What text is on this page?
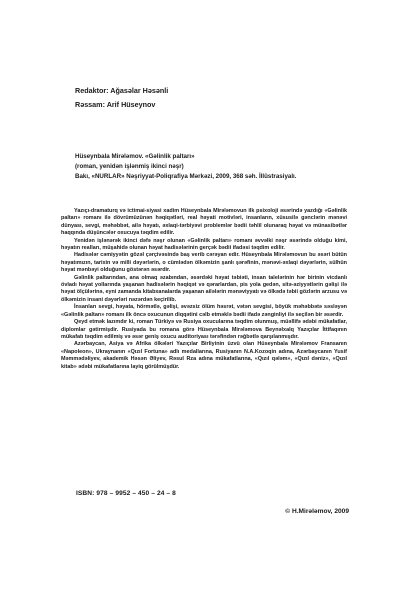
Redaktor: Ağasəlar Həsənli
Rəssam: Arif Hüseynov
Hüseynbala Mirələmov. «Gəlinlik paltarı»
(roman, yenidən işlənmiş ikinci nəşr)
Bakı, «NURLAR» Nəşriyyat-Poliqrafiya Mərkəzi, 2009, 368 səh. İllüstrasiyalı.

Yazıçı-dramaturq və ictimai-siyasi xadim Hüseynbala Mirələmovun ilk psixoloji əsərində yazdığı «Gəlinlik paltarı» romanı ilə dövrümüzünən həqiqətləri, real həyati motivləri, insanların, xüsusilə gənclərin mənəvi dünyası, sevgi, məhəbbət, ailə həyatı, əxlaqi-tərbiyəvi problemlər bədii təhlil olunaraq həyat və münasibətlər haqqında düşüncələr oxucuya təqdim edilir.

Yenidən işlənərək ikinci dəfə nəşr olunan «Gəlinlik paltarı» romanı əvvəlki nəşr əsərində olduğu kimi, həyatın realları, müşahidə olunan həyat hadisələrinin gerçək bədii ifadəsi təqdim edilir.

Hadisələr cəmiyyətin gözəl çərçivəsində baş verib cərəyan edir. Hüseynbala Mirələmovun bu əsəri bütün həyatımızın, tarixin və milli dəyərlərin, o cümlədən ölkəmizin şanlı şərəfinin, mənəvi-əxlaqi dəyərlərin, sülhün həyat mənbəyi olduğunu göstərən əsərdir.

Gəlinlik paltarından, ana olmaq əzabından, əsərdəki həyat təbiəti, insan talelərinin hər birinin vicdanlı övladı həyat yollarında yaşanan hadisələrin həqiqət və qərarlardan, pis yola gedən, sitə-əziyyətlərin gəlişi ilə həyat ölçülərinə, eyni zamanda kitabxanalarda yaşanan ailələrin mənəviyyatı və ölkədə təbii gözlərin arzusu və ölkəmizin insani dəyərləri nəzərdən keçirilib.

İnsanları sevgi, həyata, hörmətlə, gəlişi, əvəzsiz ölüm həsrət, vətən sevgisi, böyük məhəbbətə səsləyən «Gəlinlik paltarı» romanı ilk öncə oxucunun diqqətini cəlb etməklə bədii ifadə zənginliyi ilə seçilən bir əsərdir.

Qeyd etmək lazımdır ki, roman Türkiyə və Rusiya oxucularına təqdim olunmuş, müəllifə ədəbi mükafatlar, diplomlar gətirmişdir. Rusiyada bu romana görə Hüseynbala Mirələmova Beynəlxalq Yazıçılar İttifaqının mükafatı təqdim edilmiş və əsər geniş oxucu auditoriyası tərəfindən rəğbətlə qarşılanmışdır.

Azərbaycan, Asiya və Afrika ölkələri Yazıçılar Birliyinin üzvü olan Hüseynbala Mirələmov Fransanın «Napoleon», Ukraynanın «Qızıl Fortuna» adlı medallarına, Rusiyanın N.A.Kozoqin adına, Azərbaycanın Yusif Məmmədəliyev, akademik Həsən Əliyev, Rəsul Rza adına mükafatlarına, «Qızıl qələm», «Qızıl dəniz», «Qızıl kitab» ədəbi mükafatlarına layiq görülmüşdür.

ISBN: 978 – 9952 – 450 – 24 – 8
© H.Mirələmov, 2009
